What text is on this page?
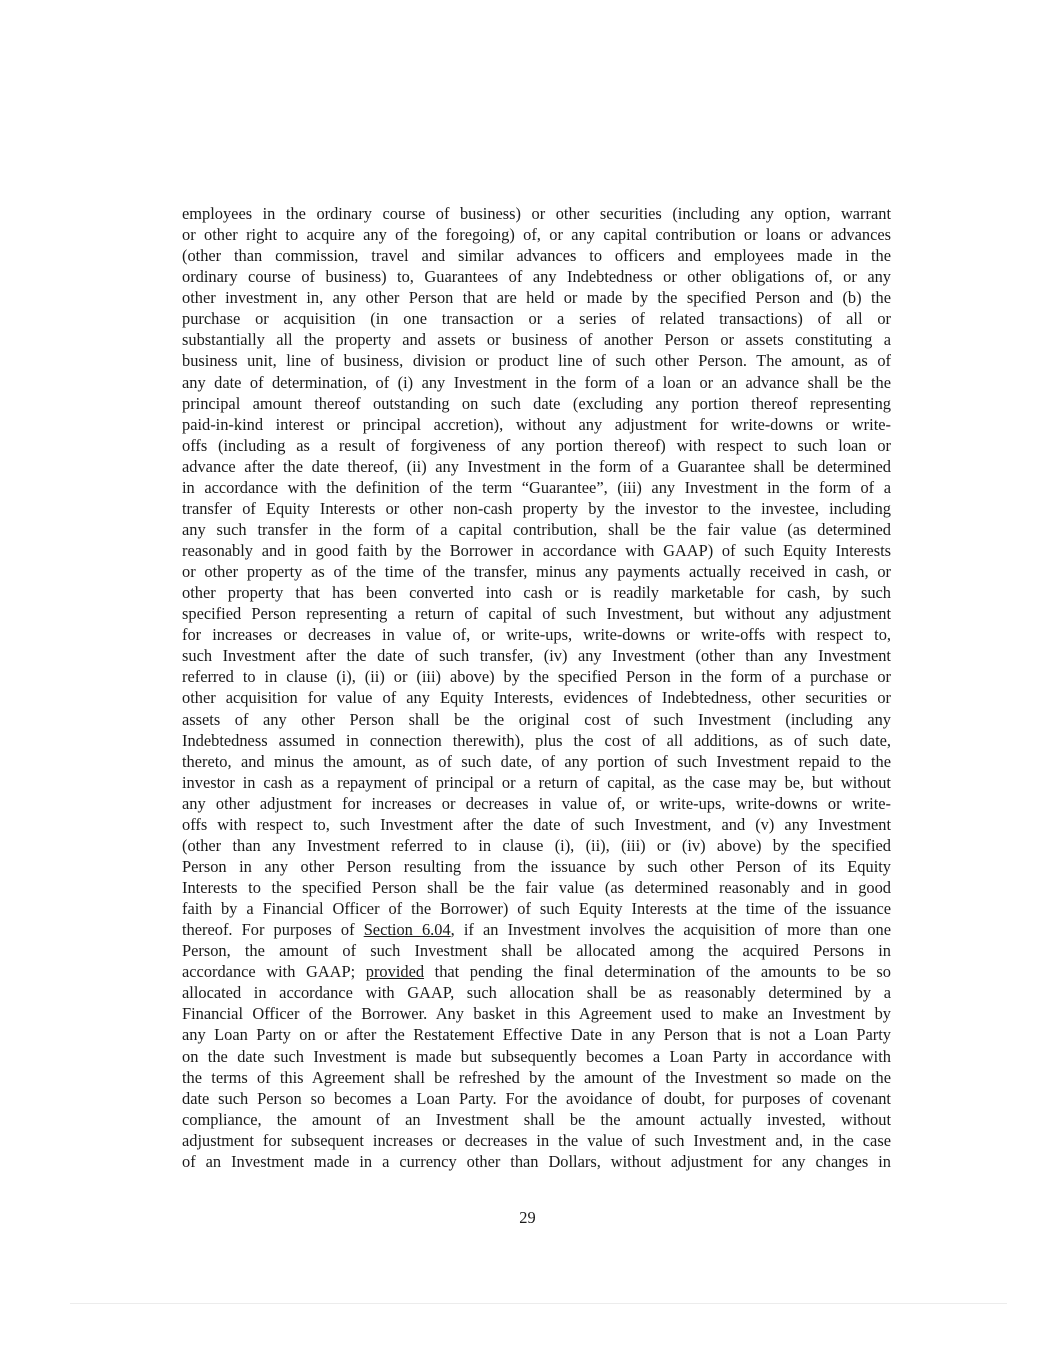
employees in the ordinary course of business) or other securities (including any option, warrant
or other right to acquire any of the foregoing) of, or any capital contribution or loans or advances
(other than commission, travel and similar advances to officers and employees made in the
ordinary course of business) to, Guarantees of any Indebtedness or other obligations of, or any
other investment in, any other Person that are held or made by the specified Person and (b) the
purchase or acquisition (in one transaction or a series of related transactions) of all or
substantially all the property and assets or business of another Person or assets constituting a
business unit, line of business, division or product line of such other Person. The amount, as of
any date of determination, of (i) any Investment in the form of a loan or an advance shall be the
principal amount thereof outstanding on such date (excluding any portion thereof representing
paid-in-kind interest or principal accretion), without any adjustment for write-downs or write-
offs (including as a result of forgiveness of any portion thereof) with respect to such loan or
advance after the date thereof, (ii) any Investment in the form of a Guarantee shall be determined
in accordance with the definition of the term “Guarantee”, (iii) any Investment in the form of a
transfer of Equity Interests or other non-cash property by the investor to the investee, including
any such transfer in the form of a capital contribution, shall be the fair value (as determined
reasonably and in good faith by the Borrower in accordance with GAAP) of such Equity Interests
or other property as of the time of the transfer, minus any payments actually received in cash, or
other property that has been converted into cash or is readily marketable for cash, by such
specified Person representing a return of capital of such Investment, but without any adjustment
for increases or decreases in value of, or write-ups, write-downs or write-offs with respect to,
such Investment after the date of such transfer, (iv) any Investment (other than any Investment
referred to in clause (i), (ii) or (iii) above) by the specified Person in the form of a purchase or
other acquisition for value of any Equity Interests, evidences of Indebtedness, other securities or
assets of any other Person shall be the original cost of such Investment (including any
Indebtedness assumed in connection therewith), plus the cost of all additions, as of such date,
thereto, and minus the amount, as of such date, of any portion of such Investment repaid to the
investor in cash as a repayment of principal or a return of capital, as the case may be, but without
any other adjustment for increases or decreases in value of, or write-ups, write-downs or write-
offs with respect to, such Investment after the date of such Investment, and (v) any Investment
(other than any Investment referred to in clause (i), (ii), (iii) or (iv) above) by the specified
Person in any other Person resulting from the issuance by such other Person of its Equity
Interests to the specified Person shall be the fair value (as determined reasonably and in good
faith by a Financial Officer of the Borrower) of such Equity Interests at the time of the issuance
thereof. For purposes of Section 6.04, if an Investment involves the acquisition of more than one
Person, the amount of such Investment shall be allocated among the acquired Persons in
accordance with GAAP; provided that pending the final determination of the amounts to be so
allocated in accordance with GAAP, such allocation shall be as reasonably determined by a
Financial Officer of the Borrower. Any basket in this Agreement used to make an Investment by
any Loan Party on or after the Restatement Effective Date in any Person that is not a Loan Party
on the date such Investment is made but subsequently becomes a Loan Party in accordance with
the terms of this Agreement shall be refreshed by the amount of the Investment so made on the
date such Person so becomes a Loan Party. For the avoidance of doubt, for purposes of covenant
compliance, the amount of an Investment shall be the amount actually invested, without
adjustment for subsequent increases or decreases in the value of such Investment and, in the case
of an Investment made in a currency other than Dollars, without adjustment for any changes in
29
